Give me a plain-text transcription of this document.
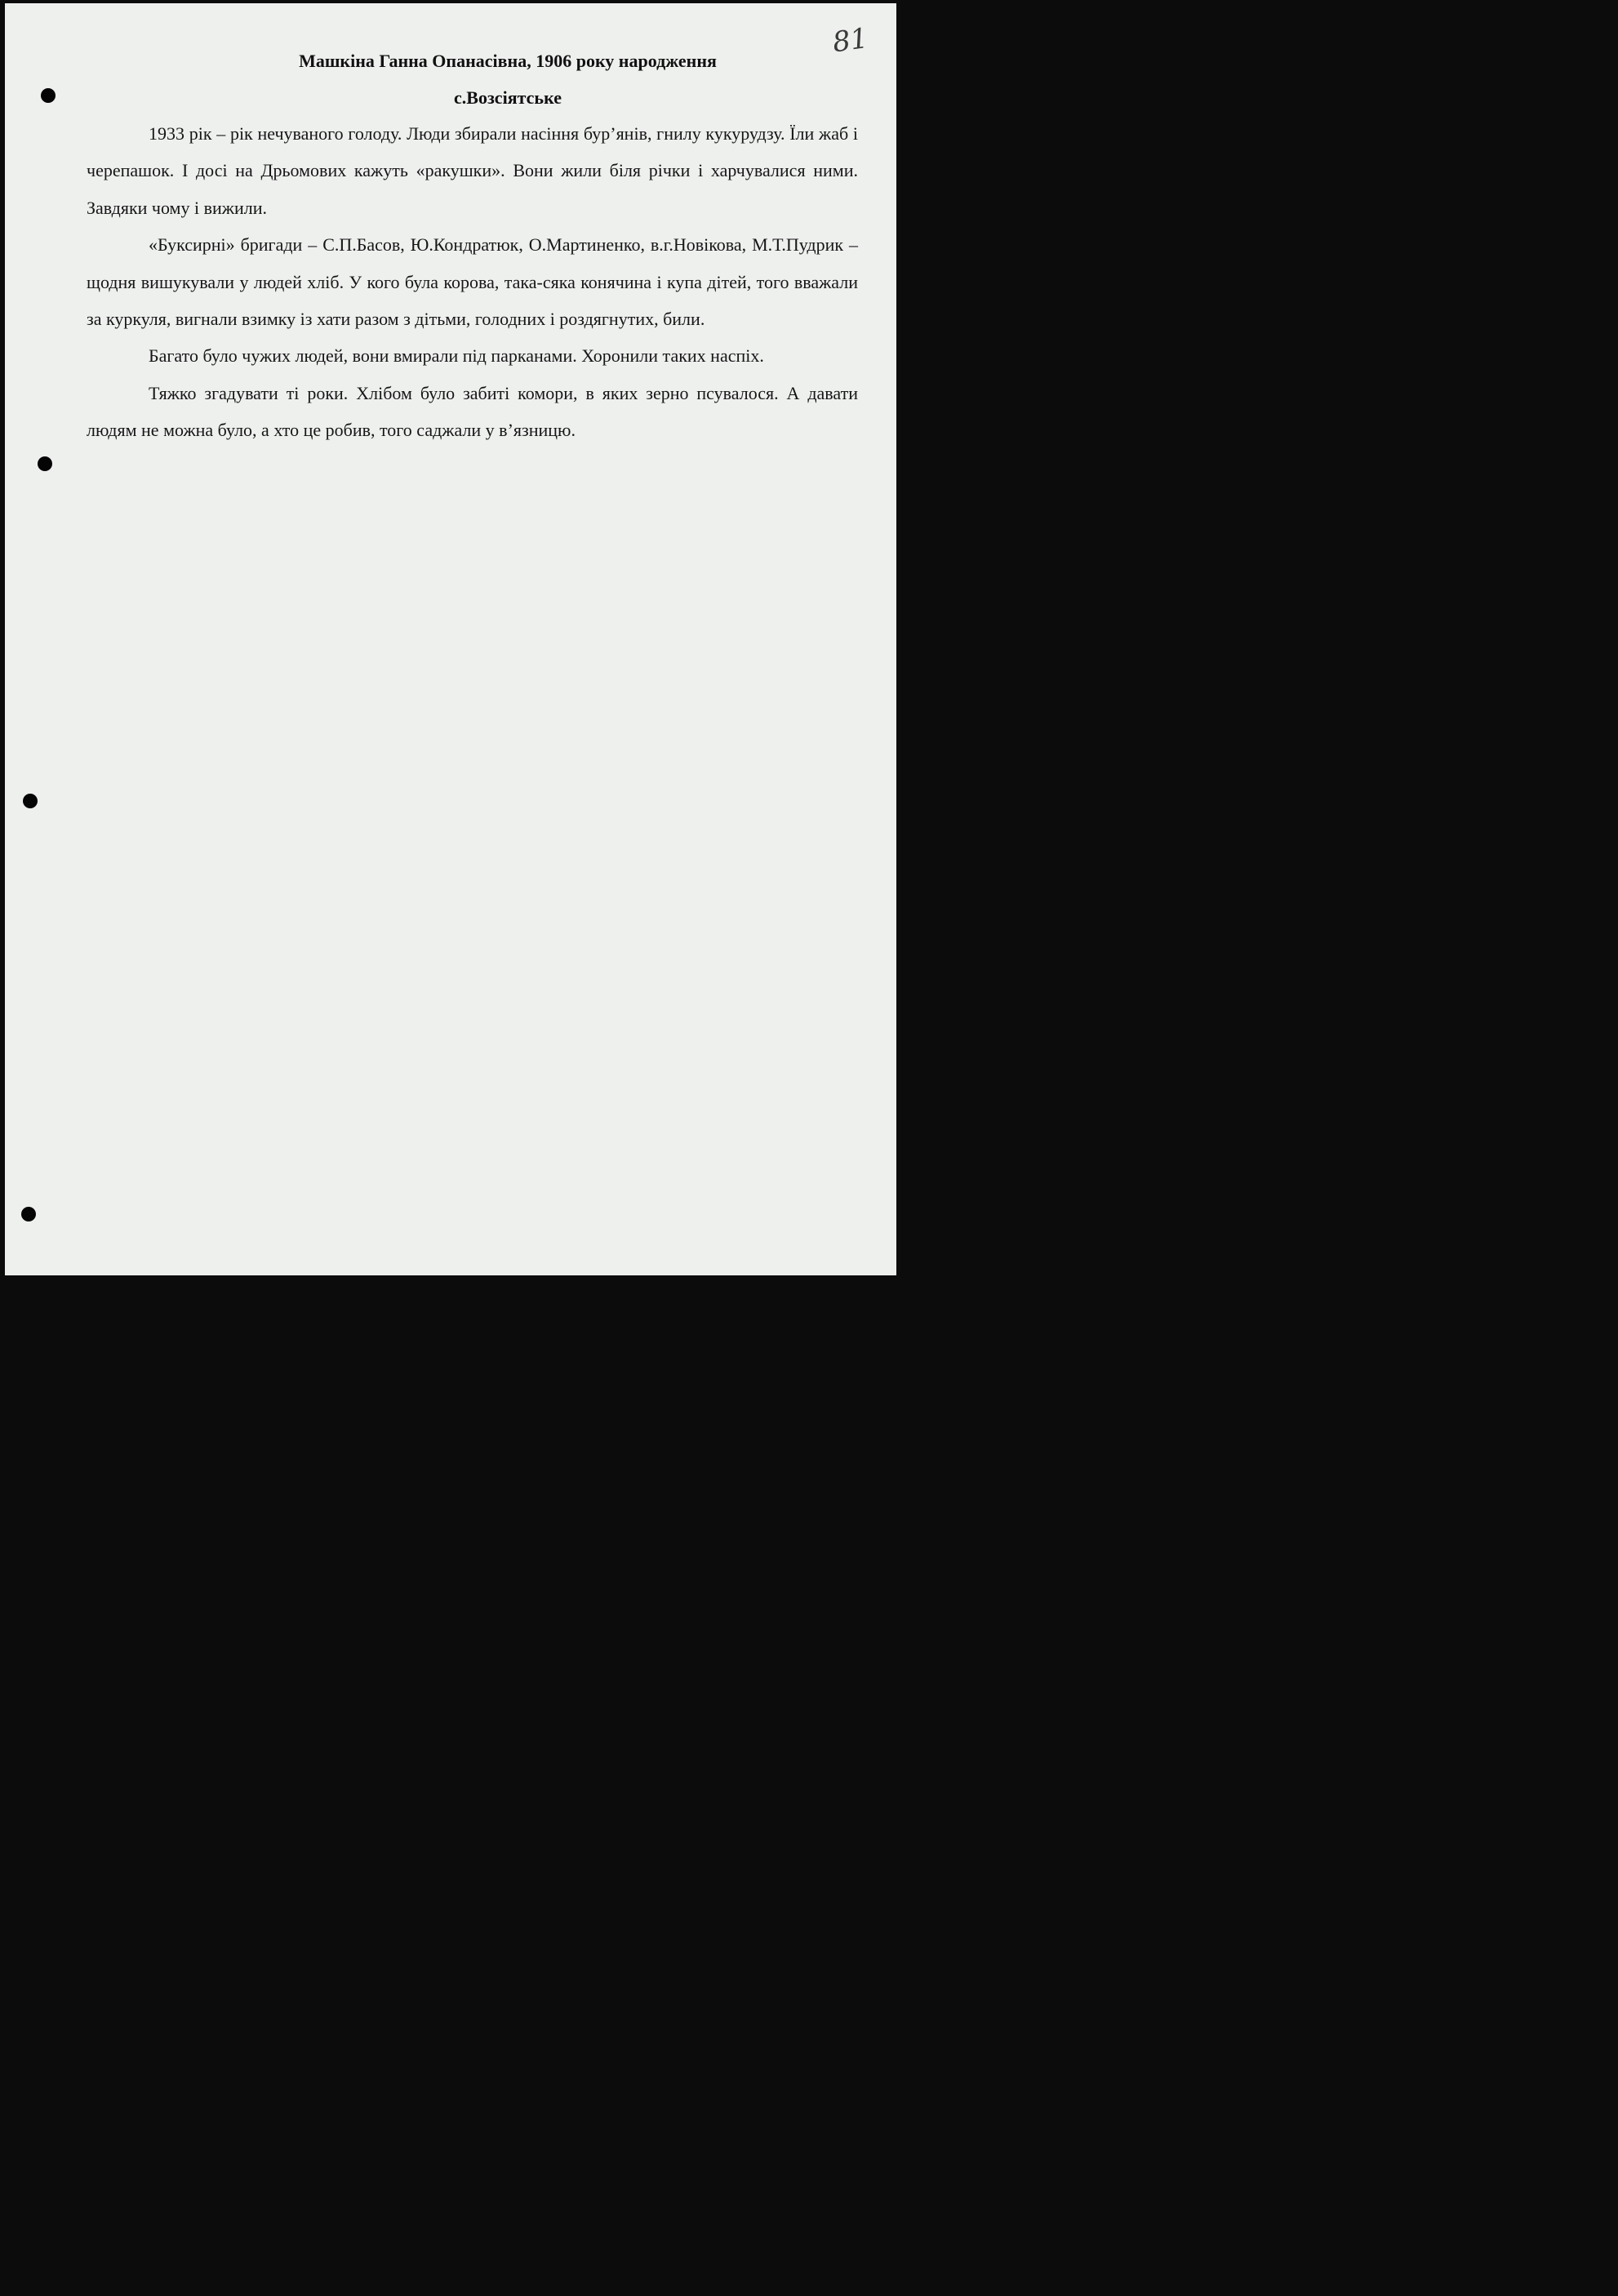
81
Машкіна Ганна Опанасівна, 1906 року народження
с.Возсіятське

1933 рік – рік нечуваного голоду. Люди збирали насіння бур’янів, гнилу кукурудзу. Їли жаб і черепашок. І досі на Дрьомових кажуть «ракушки». Вони жили біля річки і харчувалися ними. Завдяки чому і вижили.

«Буксирні» бригади – С.П.Басов, Ю.Кондратюк, О.Мартиненко, в.г.Новікова, М.Т.Пудрик – щодня вишукували у людей хліб. У кого була корова, така-сяка конячина і купа дітей, того вважали за куркуля, вигнали взимку із хати разом з дітьми, голодних і роздягнутих, били.

Багато було чужих людей, вони вмирали під парканами. Хоронили таких наспіх.

Тяжко згадувати ті роки. Хлібом було забиті комори, в яких зерно псувалося. А давати людям не можна було, а хто це робив, того саджали у в’язницю.
